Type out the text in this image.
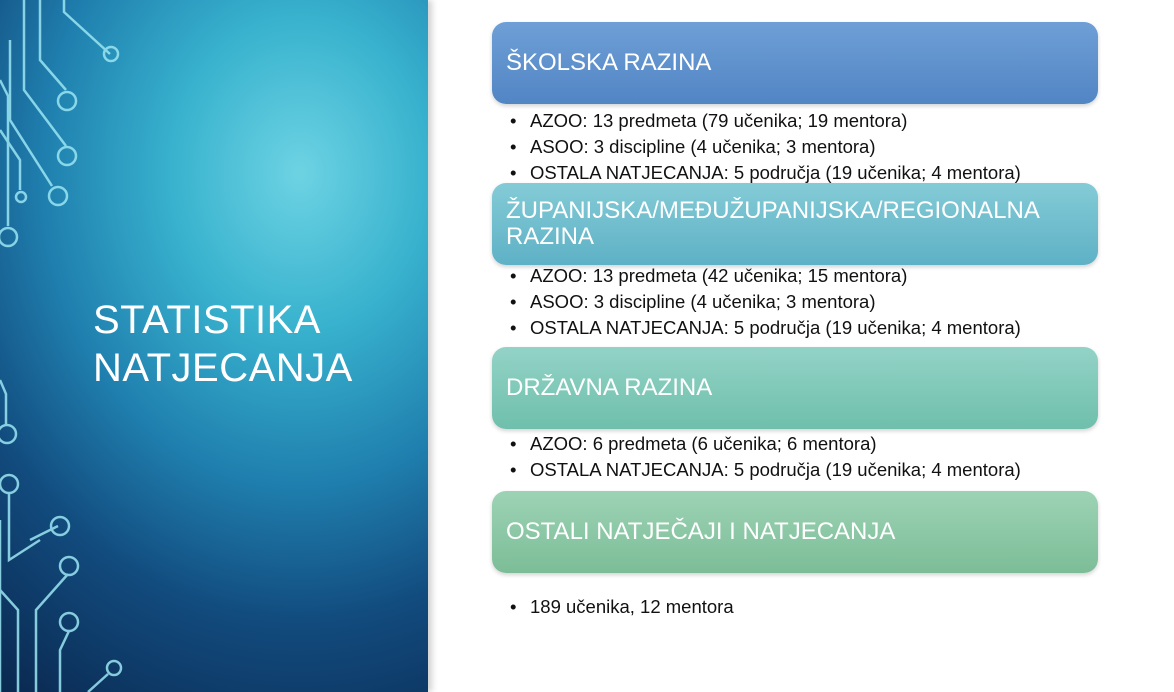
STATISTIKA
NATJECANJA
ŠKOLSKA RAZINA
• AZOO: 13 predmeta (79 učenika; 19 mentora)
• ASOO: 3 discipline (4 učenika; 3 mentora)
• OSTALA NATJECANJA: 5 područja (19 učenika; 4 mentora)
ŽUPANIJSKA/MEĐUŽUPANIJSKA/REGIONALNA RAZINA
• AZOO: 13 predmeta (42 učenika; 15 mentora)
• ASOO: 3 discipline (4 učenika; 3 mentora)
• OSTALA NATJECANJA: 5 područja (19 učenika; 4 mentora)
DRŽAVNA RAZINA
• AZOO: 6 predmeta (6 učenika; 6 mentora)
• OSTALA NATJECANJA: 5 područja (19 učenika; 4 mentora)
OSTALI NATJEČAJI I NATJECANJA
• 189 učenika, 12 mentora
